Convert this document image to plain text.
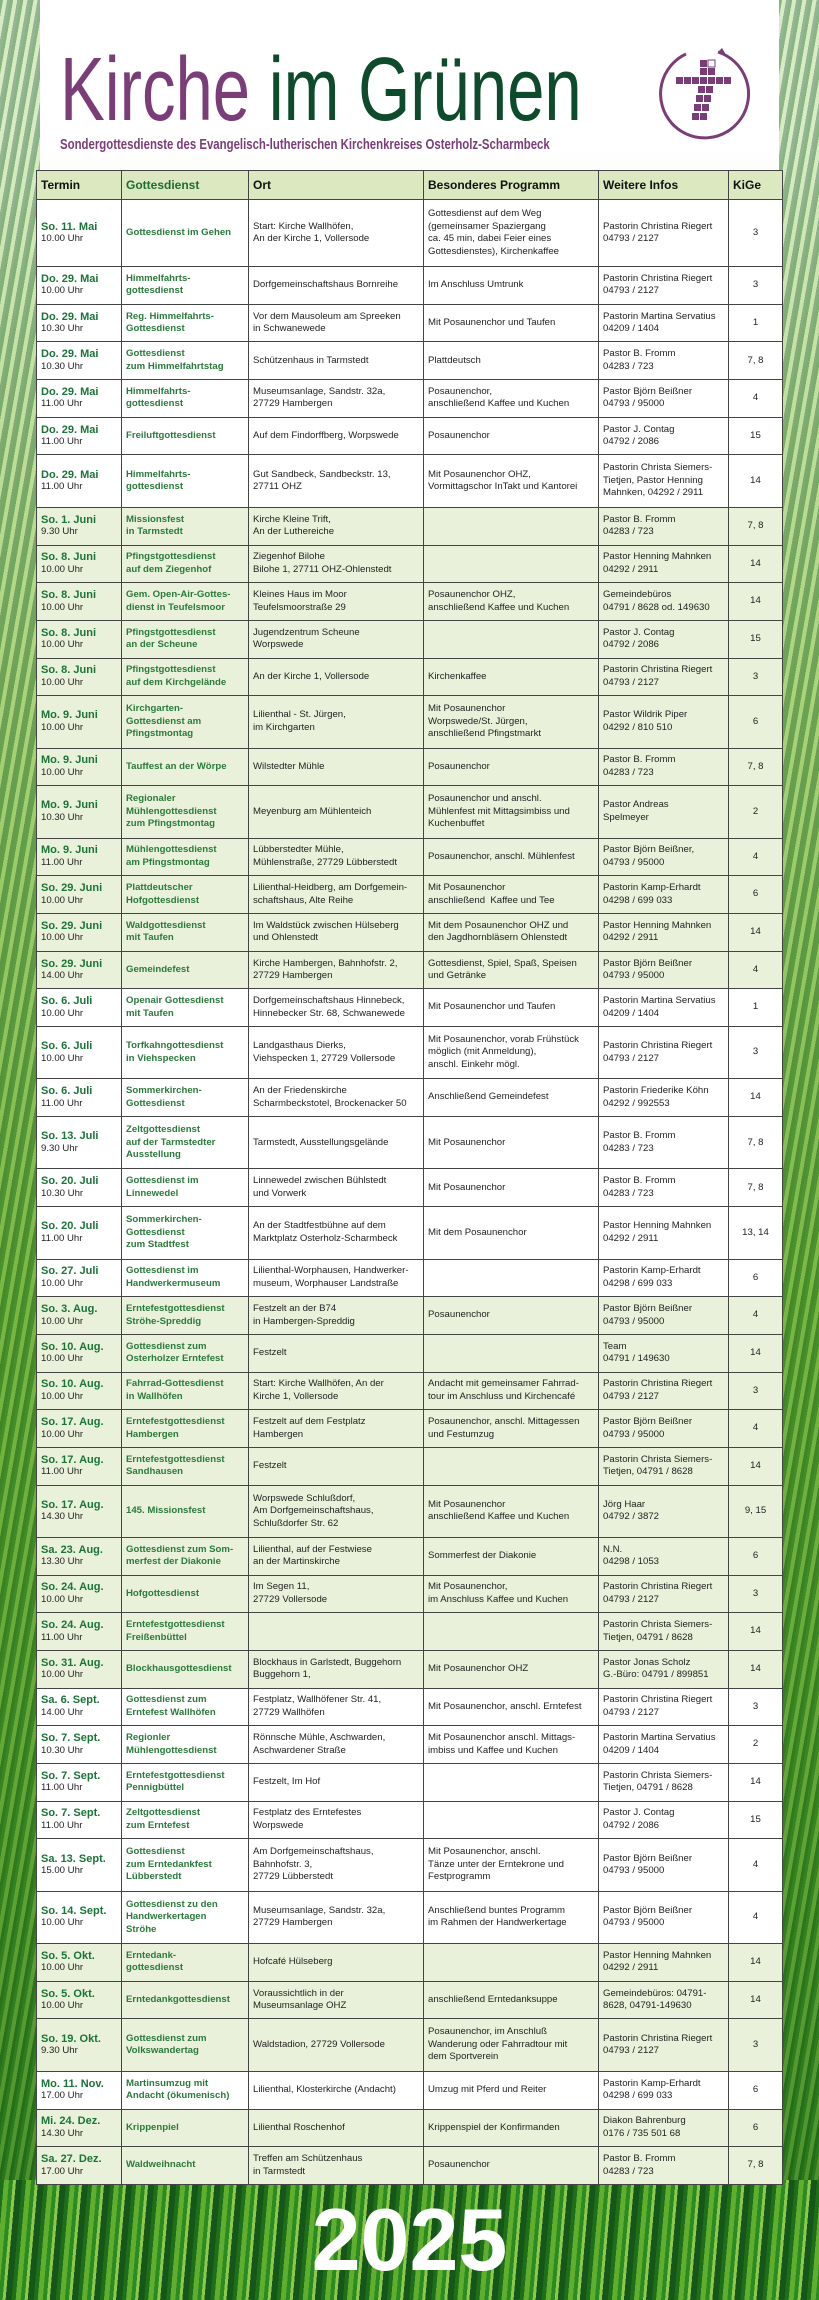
Kirche im Grünen
Sondergottesdienste des Evangelisch-lutherischen Kirchenkreises Osterholz-Scharmbeck
Termin	Gottesdienst	Ort	Besonderes Programm	Weitere Infos	KiGe

So. 11. Mai
10.00 Uhr	Gottesdienst im Gehen	Start: Kirche Wallhöfen,
An der Kirche 1, Vollersode	Gottesdienst auf dem Weg
(gemeinsamer Spaziergang
ca. 45 min, dabei Feier eines
Gottesdienstes), Kirchenkaffee	Pastorin Christina Riegert
04793 / 2127	3

Do. 29. Mai
10.00 Uhr	Himmelfahrts-
gottesdienst	Dorfgemeinschaftshaus Bornreihe	Im Anschluss Umtrunk	Pastorin Christina Riegert
04793 / 2127	3

Do. 29. Mai
10.30 Uhr	Reg. Himmelfahrts-
Gottesdienst	Vor dem Mausoleum am Spreeken
in Schwanewede	Mit Posaunenchor und Taufen	Pastorin Martina Servatius
04209 / 1404	1

Do. 29. Mai
10.30 Uhr	Gottesdienst
zum Himmelfahrtstag	Schützenhaus in Tarmstedt	Plattdeutsch	Pastor B. Fromm
04283 / 723	7, 8

Do. 29. Mai
11.00 Uhr	Himmelfahrts-
gottesdienst	Museumsanlage, Sandstr. 32a,
27729 Hambergen	Posaunenchor,
anschließend Kaffee und Kuchen	Pastor Björn Beißner
04793 / 95000	4

Do. 29. Mai
11.00 Uhr	Freiluftgottesdienst	Auf dem Findorffberg, Worpswede	Posaunenchor	Pastor J. Contag
04792 / 2086	15

Do. 29. Mai
11.00 Uhr	Himmelfahrts-
gottesdienst	Gut Sandbeck, Sandbeckstr. 13,
27711 OHZ	Mit Posaunenchor OHZ,
Vormittagschor InTakt und Kantorei	Pastorin Christa Siemers-
Tietjen, Pastor Henning
Mahnken, 04292 / 2911	14

So. 1. Juni
9.30 Uhr	Missionsfest
in Tarmstedt	Kirche Kleine Trift,
An der Luthereiche		Pastor B. Fromm
04283 / 723	7, 8

So. 8. Juni
10.00 Uhr	Pfingstgottesdienst
auf dem Ziegenhof	Ziegenhof Bilohe
Bilohe 1, 27711 OHZ-Ohlenstedt		Pastor Henning Mahnken
04292 / 2911	14

So. 8. Juni
10.00 Uhr	Gem. Open-Air-Gottes-
dienst in Teufelsmoor	Kleines Haus im Moor
Teufelsmoorstraße 29	Posaunenchor OHZ,
anschließend Kaffee und Kuchen	Gemeindebüros
04791 / 8628 od. 149630	14

So. 8. Juni
10.00 Uhr	Pfingstgottesdienst
an der Scheune	Jugendzentrum Scheune
Worpswede		Pastor J. Contag
04792 / 2086	15

So. 8. Juni
10.00 Uhr	Pfingstgottesdienst
auf dem Kirchgelände	An der Kirche 1, Vollersode	Kirchenkaffee	Pastorin Christina Riegert
04793 / 2127	3

Mo. 9. Juni
10.00 Uhr	Kirchgarten-
Gottesdienst am
Pfingstmontag	Lilienthal - St. Jürgen,
im Kirchgarten	Mit Posaunenchor
Worpswede/St. Jürgen,
anschließend Pfingstmarkt	Pastor Wildrik Piper
04292 / 810 510	6

Mo. 9. Juni
10.00 Uhr	Tauffest an der Wörpe	Wilstedter Mühle	Posaunenchor	Pastor B. Fromm
04283 / 723	7, 8

Mo. 9. Juni
10.30 Uhr	Regionaler
Mühlengottesdienst
zum Pfingstmontag	Meyenburg am Mühlenteich	Posaunenchor und anschl.
Mühlenfest mit Mittagsimbiss und
Kuchenbuffet	Pastor Andreas
Spelmeyer	2

Mo. 9. Juni
11.00 Uhr	Mühlengottesdienst
am Pfingstmontag	Lübberstedter Mühle,
Mühlenstraße, 27729 Lübberstedt	Posaunenchor, anschl. Mühlenfest	Pastor Björn Beißner,
04793 / 95000	4

So. 29. Juni
10.00 Uhr	Plattdeutscher
Hofgottesdienst	Lilienthal-Heidberg, am Dorfgemein-
schaftshaus, Alte Reihe	Mit Posaunenchor
anschließend  Kaffee und Tee	Pastorin Kamp-Erhardt
04298 / 699 033	6

So. 29. Juni
10.00 Uhr	Waldgottesdienst
mit Taufen	Im Waldstück zwischen Hülseberg
und Ohlenstedt	Mit dem Posaunenchor OHZ und
den Jagdhornbläsern Ohlenstedt	Pastor Henning Mahnken
04292 / 2911	14

So. 29. Juni
14.00 Uhr	Gemeindefest	Kirche Hambergen, Bahnhofstr. 2,
27729 Hambergen	Gottesdienst, Spiel, Spaß, Speisen
und Getränke	Pastor Björn Beißner
04793 / 95000	4

So. 6. Juli
10.00 Uhr	Openair Gottesdienst
mit Taufen	Dorfgemeinschaftshaus Hinnebeck,
Hinnebecker Str. 68, Schwanewede	Mit Posaunenchor und Taufen	Pastorin Martina Servatius
04209 / 1404	1

So. 6. Juli
10.00 Uhr	Torfkahngottesdienst
in Viehspecken	Landgasthaus Dierks,
Viehspecken 1, 27729 Vollersode	Mit Posaunenchor, vorab Frühstück
möglich (mit Anmeldung),
anschl. Einkehr mögl.	Pastorin Christina Riegert
04793 / 2127	3

So. 6. Juli
11.00 Uhr	Sommerkirchen-
Gottesdienst	An der Friedenskirche
Scharmbeckstotel, Brockenacker 50	Anschließend Gemeindefest	Pastorin Friederike Köhn
04292 / 992553	14

So. 13. Juli
9.30 Uhr	Zeltgottesdienst
auf der Tarmstedter
Ausstellung	Tarmstedt, Ausstellungsgelände	Mit Posaunenchor	Pastor B. Fromm
04283 / 723	7, 8

So. 20. Juli
10.30 Uhr	Gottesdienst im
Linnewedel	Linnewedel zwischen Bühlstedt
und Vorwerk	Mit Posaunenchor	Pastor B. Fromm
04283 / 723	7, 8

So. 20. Juli
11.00 Uhr	Sommerkirchen-
Gottesdienst
zum Stadtfest	An der Stadtfestbühne auf dem
Marktplatz Osterholz-Scharmbeck	Mit dem Posaunenchor	Pastor Henning Mahnken
04292 / 2911	13, 14

So. 27. Juli
10.00 Uhr	Gottesdienst im
Handwerkermuseum	Lilienthal-Worphausen, Handwerker-
museum, Worphauser Landstraße		Pastorin Kamp-Erhardt
04298 / 699 033	6

So. 3. Aug.
10.00 Uhr	Erntefestgottesdienst
Ströhe-Spreddig	Festzelt an der B74
in Hambergen-Spreddig	Posaunenchor	Pastor Björn Beißner
04793 / 95000	4

So. 10. Aug.
10.00 Uhr	Gottesdienst zum
Osterholzer Erntefest	Festzelt		Team
04791 / 149630	14

So. 10. Aug.
10.00 Uhr	Fahrrad-Gottesdienst
in Wallhöfen	Start: Kirche Wallhöfen, An der
Kirche 1, Vollersode	Andacht mit gemeinsamer Fahrrad-
tour im Anschluss und Kirchencafé	Pastorin Christina Riegert
04793 / 2127	3

So. 17. Aug.
10.00 Uhr	Erntefestgottesdienst
Hambergen	Festzelt auf dem Festplatz
Hambergen	Posaunenchor, anschl. Mittagessen
und Festumzug	Pastor Björn Beißner
04793 / 95000	4

So. 17. Aug.
11.00 Uhr	Erntefestgottesdienst
Sandhausen	Festzelt		Pastorin Christa Siemers-
Tietjen, 04791 / 8628	14

So. 17. Aug.
14.30 Uhr	145. Missionsfest	Worpswede Schlußdorf,
Am Dorfgemeinschaftshaus,
Schlußdorfer Str. 62	Mit Posaunenchor
anschließend Kaffee und Kuchen	Jörg Haar
04792 / 3872	9, 15

Sa. 23. Aug.
13.30 Uhr	Gottesdienst zum Som-
merfest der Diakonie	Lilienthal, auf der Festwiese
an der Martinskirche	Sommerfest der Diakonie	N.N.
04298 / 1053	6

So. 24. Aug.
10.00 Uhr	Hofgottesdienst	Im Segen 11,
27729 Vollersode	Mit Posaunenchor,
im Anschluss Kaffee und Kuchen	Pastorin Christina Riegert
04793 / 2127	3

So. 24. Aug.
11.00 Uhr	Erntefestgottesdienst
Freißenbüttel			Pastorin Christa Siemers-
Tietjen, 04791 / 8628	14

So. 31. Aug.
10.00 Uhr	Blockhausgottesdienst	Blockhaus in Garlstedt, Buggehorn
Buggehorn 1,	Mit Posaunenchor OHZ	Pastor Jonas Scholz
G.-Büro: 04791 / 899851	14

Sa. 6. Sept.
14.00 Uhr	Gottesdienst zum
Erntefest Wallhöfen	Festplatz, Wallhöfener Str. 41,
27729 Wallhöfen	Mit Posaunenchor, anschl. Erntefest	Pastorin Christina Riegert
04793 / 2127	3

So. 7. Sept.
10.30 Uhr	Regionler
Mühlengottesdienst	Rönnsche Mühle, Aschwarden,
Aschwardener Straße	Mit Posaunenchor anschl. Mittags-
imbiss und Kaffee und Kuchen	Pastorin Martina Servatius
04209 / 1404	2

So. 7. Sept.
11.00 Uhr	Erntefestgottesdienst
Pennigbüttel	Festzelt, Im Hof		Pastorin Christa Siemers-
Tietjen, 04791 / 8628	14

So. 7. Sept.
11.00 Uhr	Zeltgottesdienst
zum Erntefest	Festplatz des Erntefestes
Worpswede		Pastor J. Contag
04792 / 2086	15

Sa. 13. Sept.
15.00 Uhr	Gottesdienst
zum Erntedankfest
Lübberstedt	Am Dorfgemeinschaftshaus,
Bahnhofstr. 3,
27729 Lübberstedt	Mit Posaunenchor, anschl.
Tänze unter der Erntekrone und
Festprogramm	Pastor Björn Beißner
04793 / 95000	4

So. 14. Sept.
10.00 Uhr	Gottesdienst zu den
Handwerkertagen
Ströhe	Museumsanlage, Sandstr. 32a,
27729 Hambergen	Anschließend buntes Programm
im Rahmen der Handwerkertage	Pastor Björn Beißner
04793 / 95000	4

So. 5. Okt.
10.00 Uhr	Erntedank-
gottesdienst	Hofcafé Hülseberg		Pastor Henning Mahnken
04292 / 2911	14

So. 5. Okt.
10.00 Uhr	Erntedankgottesdienst	Voraussichtlich in der
Museumsanlage OHZ	anschließend Erntedanksuppe	Gemeindebüros: 04791-
8628, 04791-149630	14

So. 19. Okt.
9.30 Uhr	Gottesdienst zum
Volkswandertag	Waldstadion, 27729 Vollersode	Posaunenchor, im Anschluß
Wanderung oder Fahrradtour mit
dem Sportverein	Pastorin Christina Riegert
04793 / 2127	3

Mo. 11. Nov.
17.00 Uhr	Martinsumzug mit
Andacht (ökumenisch)	Lilienthal, Klosterkirche (Andacht)	Umzug mit Pferd und Reiter	Pastorin Kamp-Erhardt
04298 / 699 033	6

Mi. 24. Dez.
14.30 Uhr	Krippenpiel	Lilienthal Roschenhof	Krippenspiel der Konfirmanden	Diakon Bahrenburg
0176 / 735 501 68	6

Sa. 27. Dez.
17.00 Uhr	Waldweihnacht	Treffen am Schützenhaus
in Tarmstedt	Posaunenchor	Pastor B. Fromm
04283 / 723	7, 8
2025
